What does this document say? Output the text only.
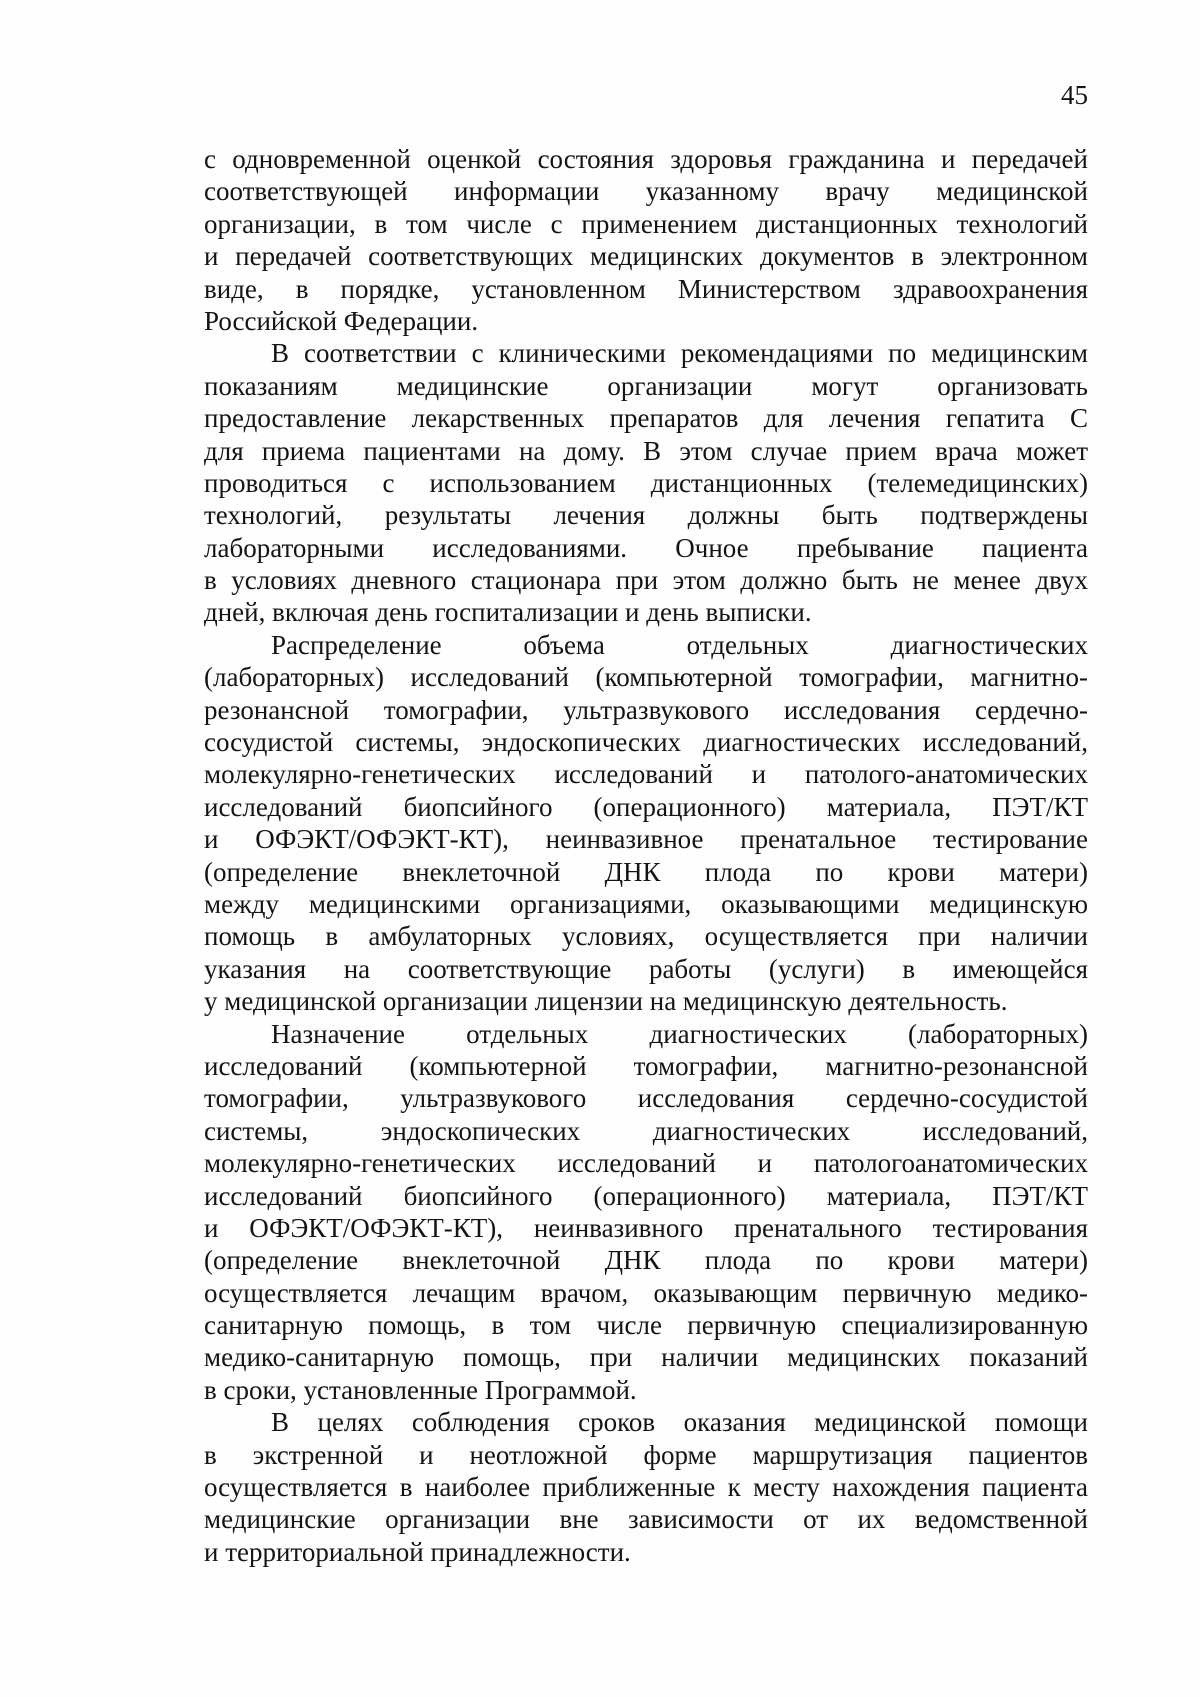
45
с одновременной оценкой состояния здоровья гражданина и передачей
соответствующей информации указанному врачу медицинской
организации, в том числе с применением дистанционных технологий
и передачей соответствующих медицинских документов в электронном
виде, в порядке, установленном Министерством здравоохранения
Российской Федерации.
В соответствии с клиническими рекомендациями по медицинским
показаниям медицинские организации могут организовать
предоставление лекарственных препаратов для лечения гепатита С
для приема пациентами на дому. В этом случае прием врача может
проводиться с использованием дистанционных (телемедицинских)
технологий, результаты лечения должны быть подтверждены
лабораторными исследованиями. Очное пребывание пациента
в условиях дневного стационара при этом должно быть не менее двух
дней, включая день госпитализации и день выписки.
Распределение объема отдельных диагностических
(лабораторных) исследований (компьютерной томографии, магнитно-
резонансной томографии, ультразвукового исследования сердечно-
сосудистой системы, эндоскопических диагностических исследований,
молекулярно-генетических исследований и патолого-анатомических
исследований биопсийного (операционного) материала, ПЭТ/КТ
и ОФЭКТ/ОФЭКТ-КТ), неинвазивное пренатальное тестирование
(определение внеклеточной ДНК плода по крови матери)
между медицинскими организациями, оказывающими медицинскую
помощь в амбулаторных условиях, осуществляется при наличии
указания на соответствующие работы (услуги) в имеющейся
у медицинской организации лицензии на медицинскую деятельность.
Назначение отдельных диагностических (лабораторных)
исследований (компьютерной томографии, магнитно-резонансной
томографии, ультразвукового исследования сердечно-сосудистой
системы, эндоскопических диагностических исследований,
молекулярно-генетических исследований и патологоанатомических
исследований биопсийного (операционного) материала, ПЭТ/КТ
и ОФЭКТ/ОФЭКТ-КТ), неинвазивного пренатального тестирования
(определение внеклеточной ДНК плода по крови матери)
осуществляется лечащим врачом, оказывающим первичную медико-
санитарную помощь, в том числе первичную специализированную
медико-санитарную помощь, при наличии медицинских показаний
в сроки, установленные Программой.
В целях соблюдения сроков оказания медицинской помощи
в экстренной и неотложной форме маршрутизация пациентов
осуществляется в наиболее приближенные к месту нахождения пациента
медицинские организации вне зависимости от их ведомственной
и территориальной принадлежности.
